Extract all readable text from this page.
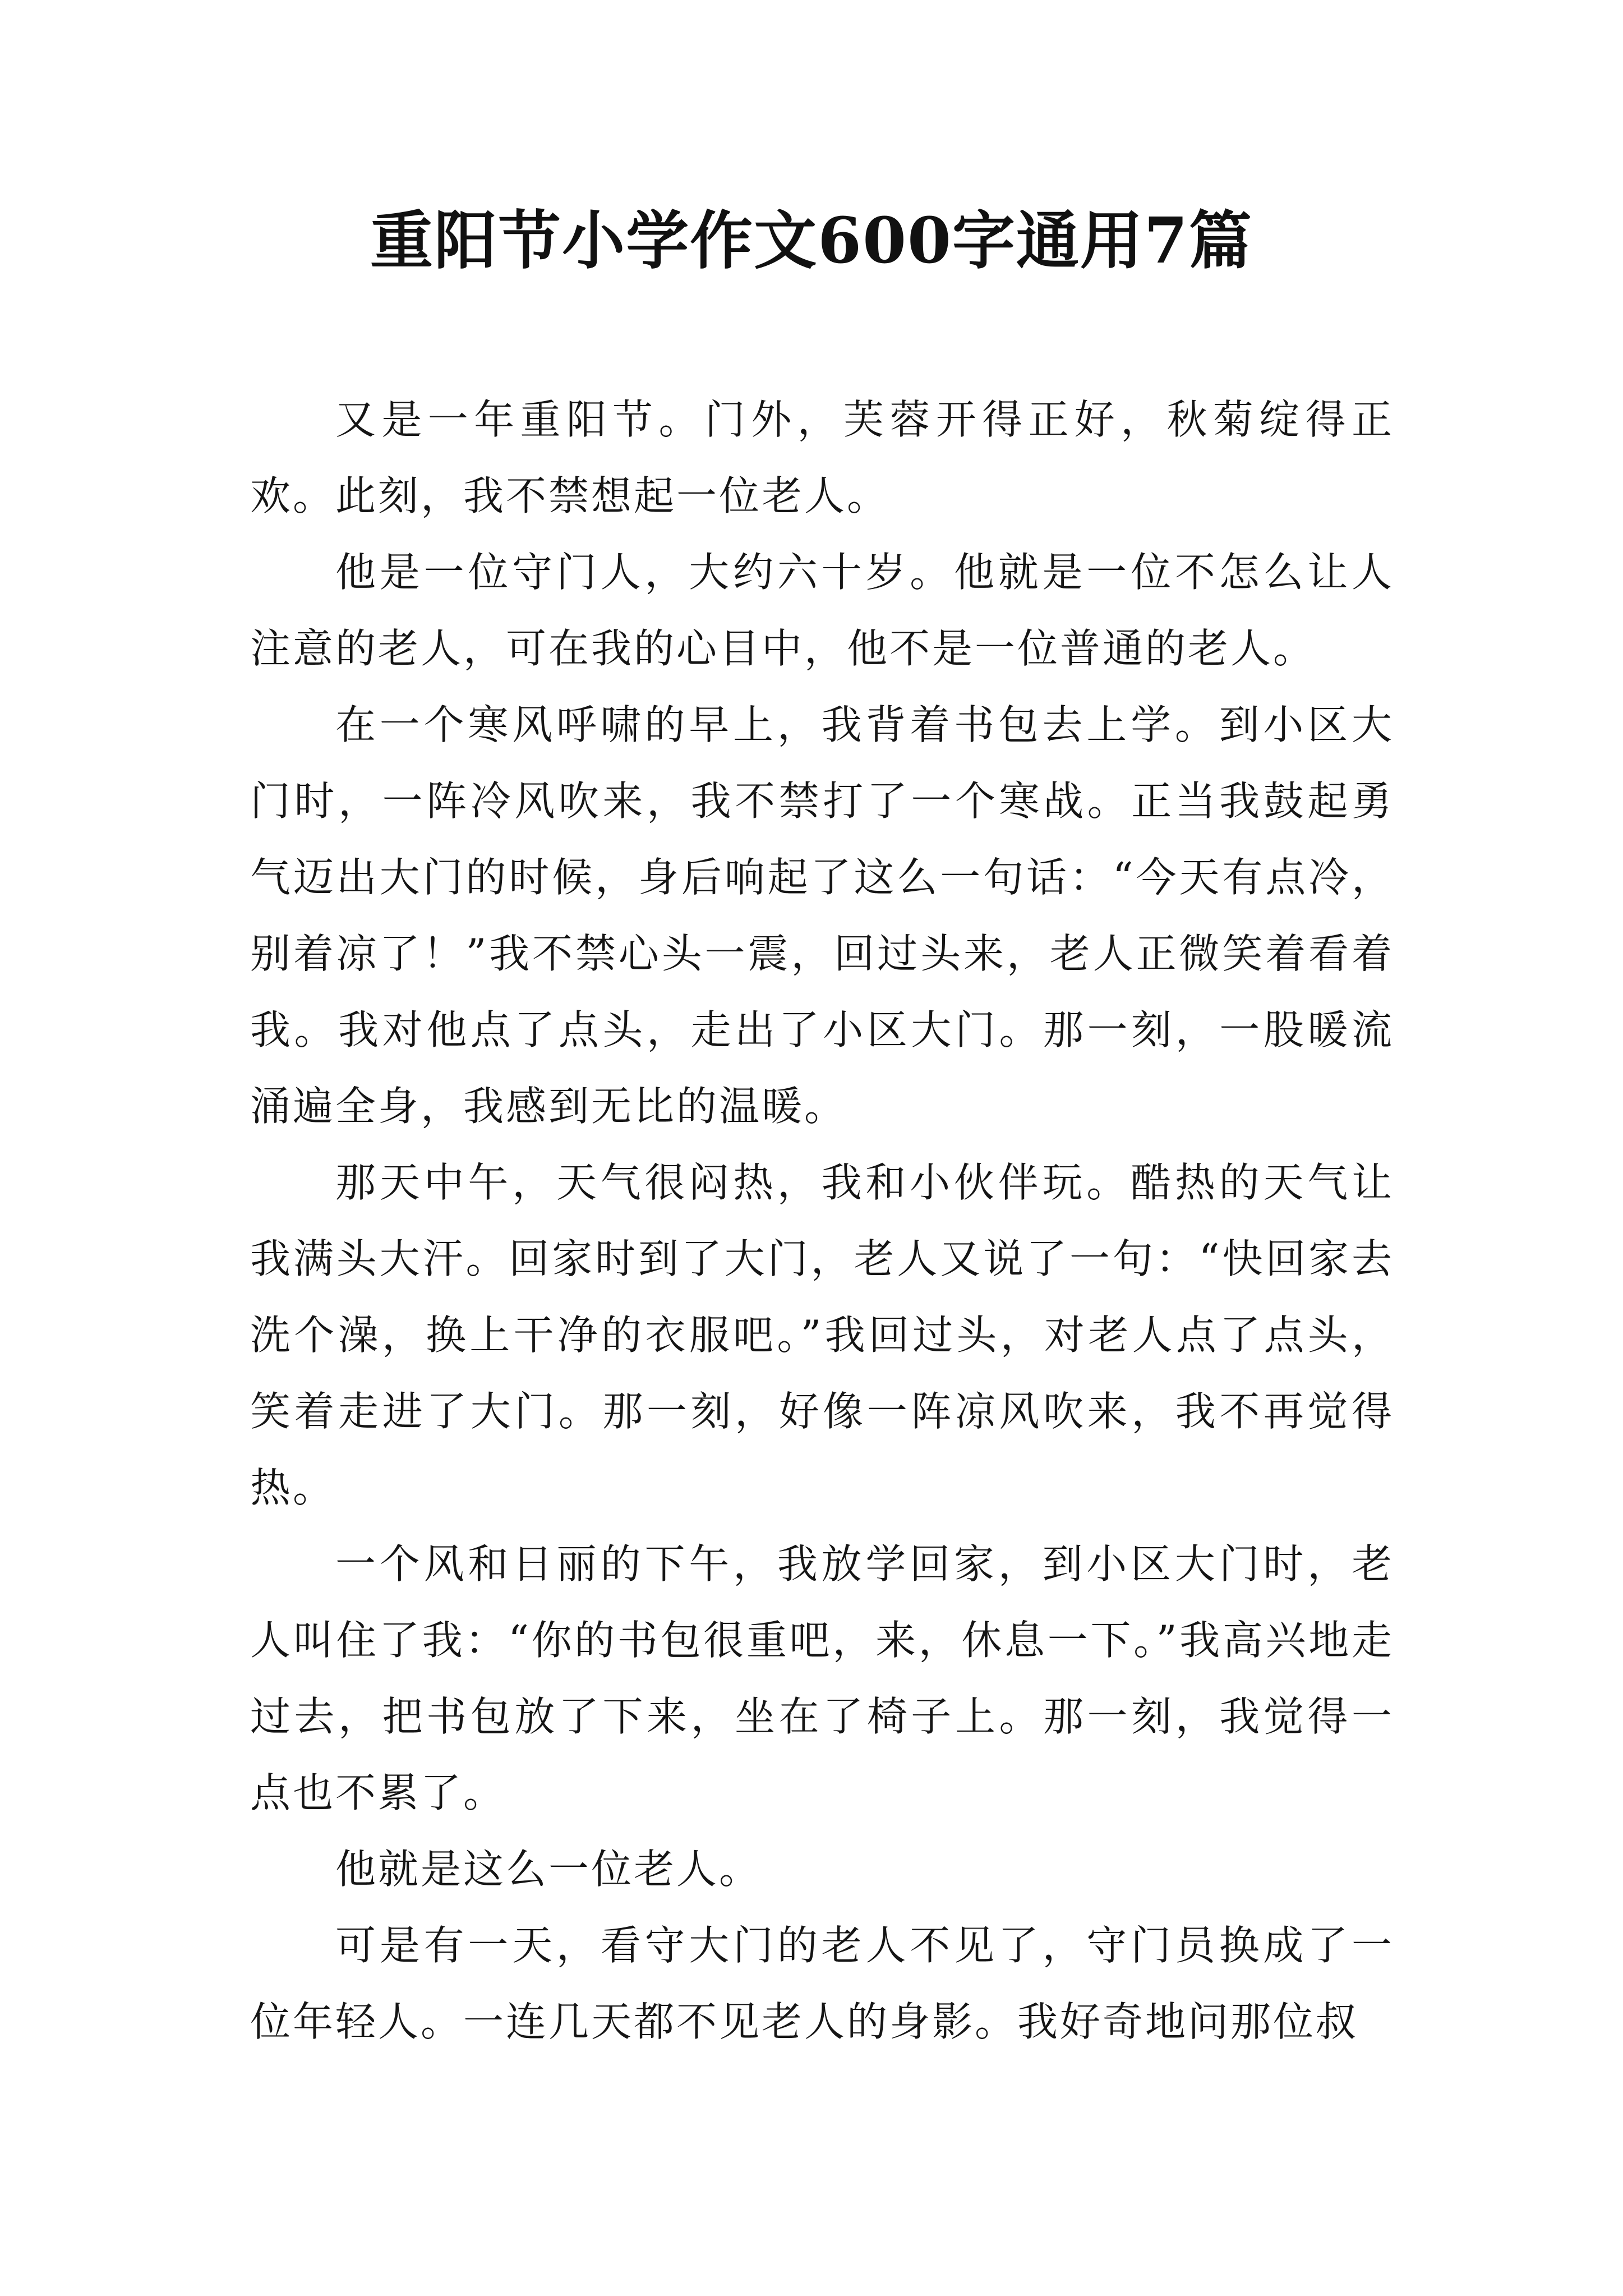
重阳节小学作文600字通用7篇

又是一年重阳节。门外，芙蓉开得正好，秋菊绽得正欢。此刻，我不禁想起一位老人。

他是一位守门人，大约六十岁。他就是一位不怎么让人注意的老人，可在我的心目中，他不是一位普通的老人。

在一个寒风呼啸的早上，我背着书包去上学。到小区大门时，一阵冷风吹来，我不禁打了一个寒战。正当我鼓起勇气迈出大门的时候，身后响起了这么一句话：“今天有点冷，别着凉了！”我不禁心头一震，回过头来，老人正微笑着看着我。我对他点了点头，走出了小区大门。那一刻，一股暖流涌遍全身，我感到无比的温暖。

那天中午，天气很闷热，我和小伙伴玩。酷热的天气让我满头大汗。回家时到了大门，老人又说了一句：“快回家去洗个澡，换上干净的衣服吧。”我回过头，对老人点了点头，笑着走进了大门。那一刻，好像一阵凉风吹来，我不再觉得热。

一个风和日丽的下午，我放学回家，到小区大门时，老人叫住了我：“你的书包很重吧，来，休息一下。”我高兴地走过去，把书包放了下来，坐在了椅子上。那一刻，我觉得一点也不累了。

他就是这么一位老人。

可是有一天，看守大门的老人不见了，守门员换成了一位年轻人。一连几天都不见老人的身影。我好奇地问那位叔
